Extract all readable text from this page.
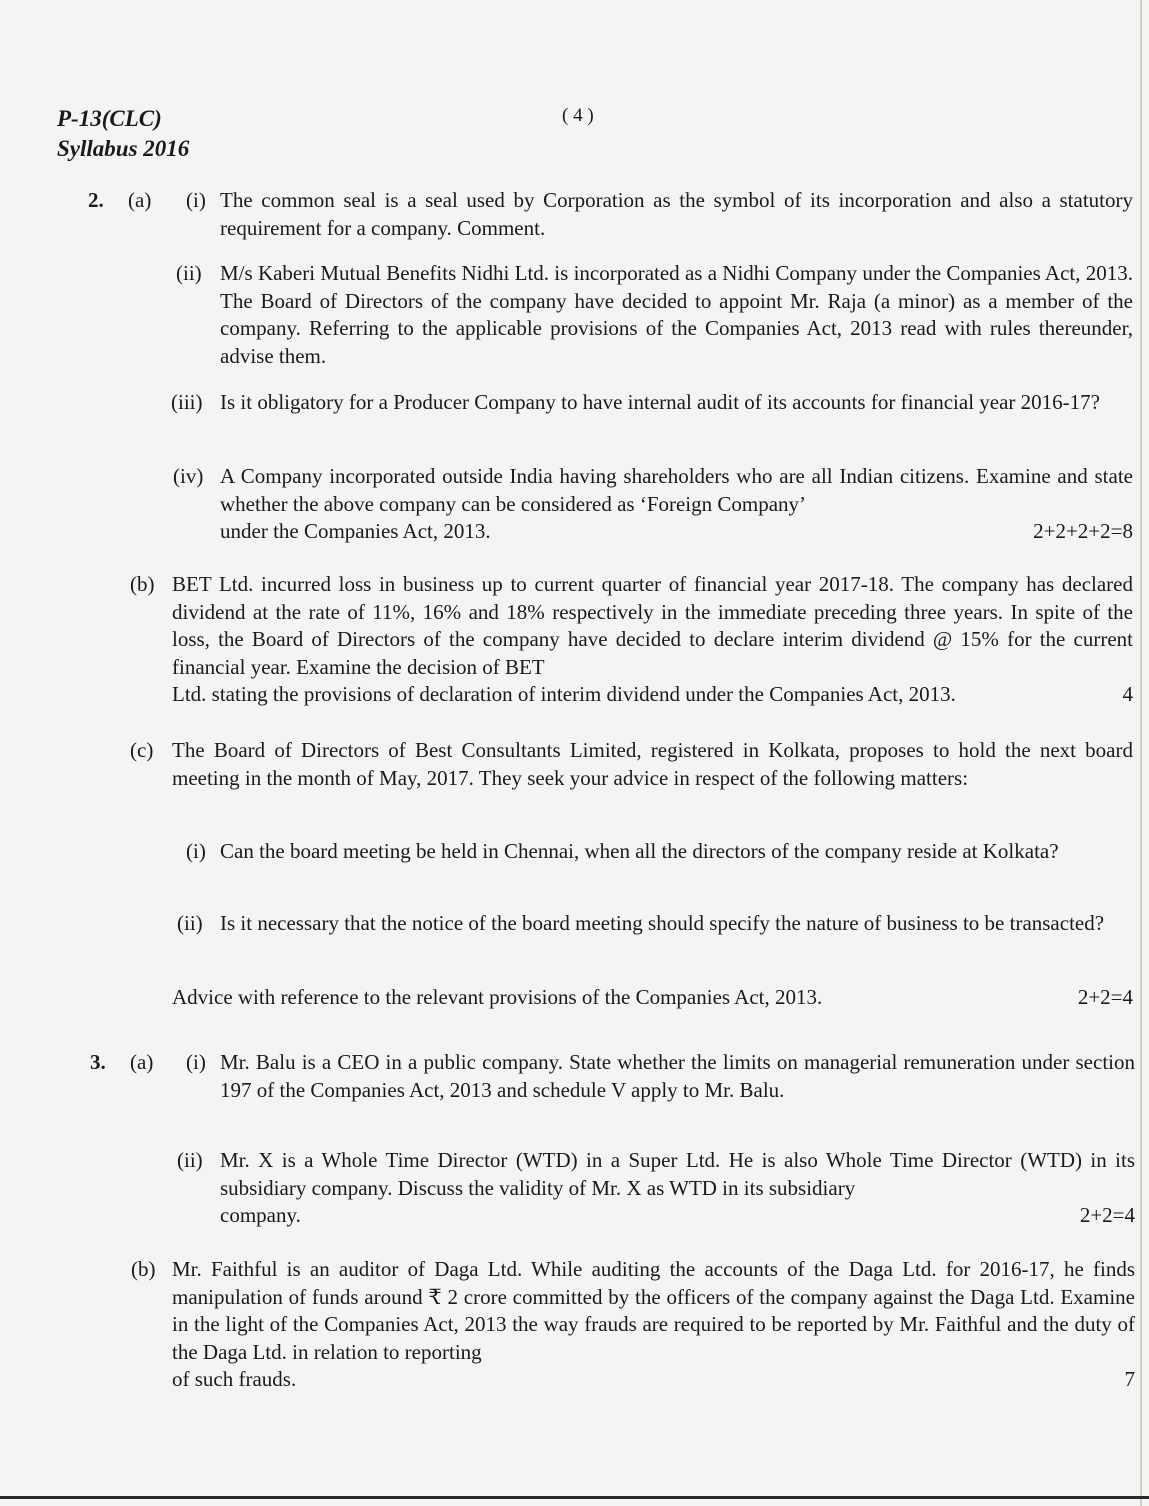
P-13(CLC)
Syllabus 2016
( 4 )
2. (a) (i) The common seal is a seal used by Corporation as the symbol of its incorporation and also a statutory requirement for a company. Comment.
(ii) M/s Kaberi Mutual Benefits Nidhi Ltd. is incorporated as a Nidhi Company under the Companies Act, 2013. The Board of Directors of the company have decided to appoint Mr. Raja (a minor) as a member of the company. Referring to the applicable provisions of the Companies Act, 2013 read with rules thereunder, advise them.
(iii) Is it obligatory for a Producer Company to have internal audit of its accounts for financial year 2016-17?
(iv) A Company incorporated outside India having shareholders who are all Indian citizens. Examine and state whether the above company can be considered as ‘Foreign Company’
under the Companies Act, 2013.	2+2+2+2=8
(b) BET Ltd. incurred loss in business up to current quarter of financial year 2017-18. The company has declared dividend at the rate of 11%, 16% and 18% respectively in the immediate preceding three years. In spite of the loss, the Board of Directors of the company have decided to declare interim dividend @ 15% for the current financial year. Examine the decision of BET
Ltd. stating the provisions of declaration of interim dividend under the Companies Act, 2013.	4
(c) The Board of Directors of Best Consultants Limited, registered in Kolkata, proposes to hold the next board meeting in the month of May, 2017. They seek your advice in respect of the following matters:
(i) Can the board meeting be held in Chennai, when all the directors of the company reside at Kolkata?
(ii) Is it necessary that the notice of the board meeting should specify the nature of business to be transacted?
Advice with reference to the relevant provisions of the Companies Act, 2013.	2+2=4
3. (a) (i) Mr. Balu is a CEO in a public company. State whether the limits on managerial remuneration under section 197 of the Companies Act, 2013 and schedule V apply to Mr. Balu.
(ii) Mr. X is a Whole Time Director (WTD) in a Super Ltd. He is also Whole Time Director (WTD) in its subsidiary company. Discuss the validity of Mr. X as WTD in its subsidiary
company.	2+2=4
(b) Mr. Faithful is an auditor of Daga Ltd. While auditing the accounts of the Daga Ltd. for 2016-17, he finds manipulation of funds around ₹ 2 crore committed by the officers of the company against the Daga Ltd. Examine in the light of the Companies Act, 2013 the way frauds are required to be reported by Mr. Faithful and the duty of the Daga Ltd. in relation to reporting
of such frauds.	7
